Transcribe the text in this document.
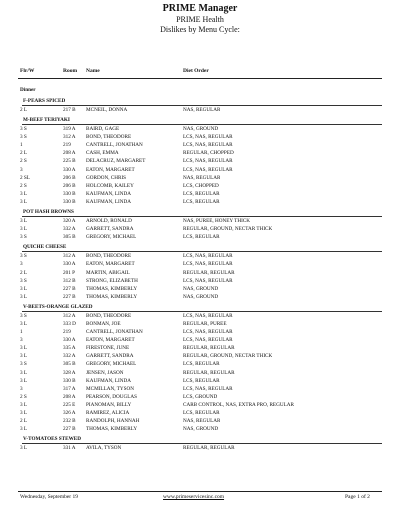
PRIME Manager
PRIME Health
Dislikes by Menu Cycle:
Flr/W	Room Name	Diet Order
Dinner
F-PEARS SPICED
2 L	217 B MCNEIL, DONNA	NAS, REGULAR
M-BEEF TERIYAKI
3 S	319 A BAIRD, GAGE	NAS, GROUND
3 S	312 A BOND, THEODORE	LCS, NAS, REGULAR
1	219	CANTRELL, JONATHAN	LCS, NAS, REGULAR
2 L	208 A CASH, EMMA	REGULAR, CHOPPED
2 S	225 B DELACRUZ, MARGARET	LCS, NAS, REGULAR
3	330 A EATON, MARGARET	LCS, NAS, REGULAR
2 SL	206 B GORDON, CHRIS	NAS, REGULAR
2 S	206 B HOLCOMB, KAILEY	LCS, CHOPPED
3 L	330 B KAUFMAN, LINDA	LCS, REGULAR
3 L	330 B KAUFMAN, LINDA	LCS, REGULAR
POT HASH BROWNS
3 L	320 A ARNOLD, RONALD	NAS, PUREE, HONEY THICK
3 L	332 A GARRETT, SANDRA	REGULAR, GROUND, NECTAR THICK
3 S	305 B GREGORY, MICHAEL	LCS, REGULAR
QUICHE CHEESE
3 S	312 A BOND, THEODORE	LCS, NAS, REGULAR
3	330 A EATON, MARGARET	LCS, NAS, REGULAR
2 L	201 P MARTIN, ABIGAIL	REGULAR, REGULAR
3 S	312 B STRONG, ELIZABETH	LCS, NAS, REGULAR
3 L	227 B THOMAS, KIMBERLY	NAS, GROUND
3 L	227 B THOMAS, KIMBERLY	NAS, GROUND
V-BEETS-ORANGE GLAZED
3 S	312 A BOND, THEODORE	LCS, NAS, REGULAR
3 L	333 D BONMAN, JOE	REGULAR, PUREE
1	219	CANTRELL, JONATHAN	LCS, NAS, REGULAR
3	330 A EATON, MARGARET	LCS, NAS, REGULAR
3 L	335 A FIRESTONE, JUNE	REGULAR, REGULAR
3 L	332 A GARRETT, SANDRA	REGULAR, GROUND, NECTAR THICK
3 S	305 B GREGORY, MICHAEL	LCS, REGULAR
3 L	328 A JENSEN, JASON	REGULAR, REGULAR
3 L	330 B KAUFMAN, LINDA	LCS, REGULAR
3	317 A MCMILLAN, TYSON	LCS, NAS, REGULAR
2 S	208 A PEARSON, DOUGLAS	LCS, GROUND
3 L	225 E PIANOMAN, BILLY	CARB CONTROL, NAS, EXTRA PRO, REGULAR
3 L	326 A RAMIREZ, ALICIA	LCS, REGULAR
2 L	232 B RANDOLPH, HANNAH	NAS, REGULAR
3 L	227 B THOMAS, KIMBERLY	NAS, GROUND
V-TOMATOES STEWED
3 L	331 A AVILA, TYSON	REGULAR, REGULAR
Wednesday, September 19	www.primeservicesinc.com	Page 1 of 2
